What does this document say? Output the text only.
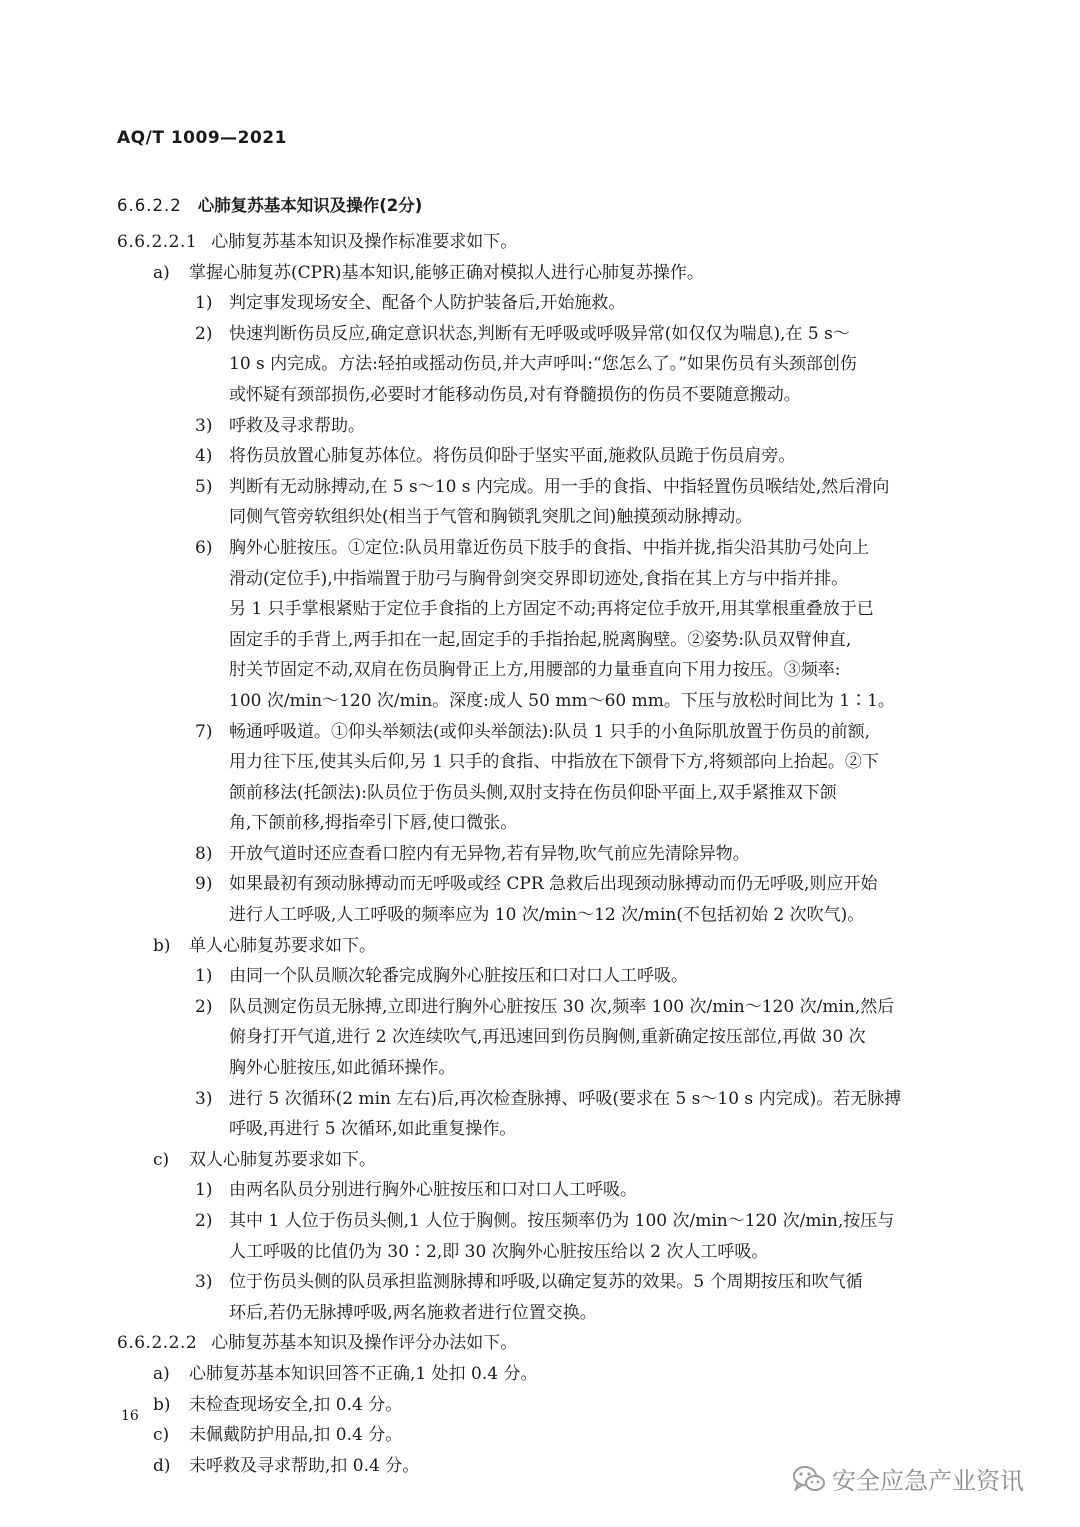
AQ/T 1009—2021
6.6.2.2 心肺复苏基本知识及操作(2分)
6.6.2.2.1 心肺复苏基本知识及操作标准要求如下。
a) 掌握心肺复苏(CPR)基本知识,能够正确对模拟人进行心肺复苏操作。
1) 判定事发现场安全、配备个人防护装备后,开始施救。
2) 快速判断伤员反应,确定意识状态,判断有无呼吸或呼吸异常(如仅仅为喘息),在 5 s～
10 s 内完成。方法:轻拍或摇动伤员,并大声呼叫:“您怎么了。”如果伤员有头颈部创伤
或怀疑有颈部损伤,必要时才能移动伤员,对有脊髓损伤的伤员不要随意搬动。
3) 呼救及寻求帮助。
4) 将伤员放置心肺复苏体位。将伤员仰卧于坚实平面,施救队员跪于伤员肩旁。
5) 判断有无动脉搏动,在 5 s～10 s 内完成。用一手的食指、中指轻置伤员喉结处,然后滑向
同侧气管旁软组织处(相当于气管和胸锁乳突肌之间)触摸颈动脉搏动。
6) 胸外心脏按压。①定位:队员用靠近伤员下肢手的食指、中指并拢,指尖沿其肋弓处向上
滑动(定位手),中指端置于肋弓与胸骨剑突交界即切迹处,食指在其上方与中指并排。
另 1 只手掌根紧贴于定位手食指的上方固定不动;再将定位手放开,用其掌根重叠放于已
固定手的手背上,两手扣在一起,固定手的手指抬起,脱离胸壁。②姿势:队员双臂伸直,
肘关节固定不动,双肩在伤员胸骨正上方,用腰部的力量垂直向下用力按压。③频率:
100 次/min～120 次/min。深度:成人 50 mm～60 mm。下压与放松时间比为 1∶1。
7) 畅通呼吸道。①仰头举颏法(或仰头举颌法):队员 1 只手的小鱼际肌放置于伤员的前额,
用力往下压,使其头后仰,另 1 只手的食指、中指放在下颌骨下方,将颏部向上抬起。②下
颌前移法(托颌法):队员位于伤员头侧,双肘支持在伤员仰卧平面上,双手紧推双下颌
角,下颌前移,拇指牵引下唇,使口微张。
8) 开放气道时还应查看口腔内有无异物,若有异物,吹气前应先清除异物。
9) 如果最初有颈动脉搏动而无呼吸或经 CPR 急救后出现颈动脉搏动而仍无呼吸,则应开始
进行人工呼吸,人工呼吸的频率应为 10 次/min～12 次/min(不包括初始 2 次吹气)。
b) 单人心肺复苏要求如下。
1) 由同一个队员顺次轮番完成胸外心脏按压和口对口人工呼吸。
2) 队员测定伤员无脉搏,立即进行胸外心脏按压 30 次,频率 100 次/min～120 次/min,然后
俯身打开气道,进行 2 次连续吹气,再迅速回到伤员胸侧,重新确定按压部位,再做 30 次
胸外心脏按压,如此循环操作。
3) 进行 5 次循环(2 min 左右)后,再次检查脉搏、呼吸(要求在 5 s～10 s 内完成)。若无脉搏
呼吸,再进行 5 次循环,如此重复操作。
c) 双人心肺复苏要求如下。
1) 由两名队员分别进行胸外心脏按压和口对口人工呼吸。
2) 其中 1 人位于伤员头侧,1 人位于胸侧。按压频率仍为 100 次/min～120 次/min,按压与
人工呼吸的比值仍为 30∶2,即 30 次胸外心脏按压给以 2 次人工呼吸。
3) 位于伤员头侧的队员承担监测脉搏和呼吸,以确定复苏的效果。5 个周期按压和吹气循
环后,若仍无脉搏呼吸,两名施救者进行位置交换。
6.6.2.2.2 心肺复苏基本知识及操作评分办法如下。
a) 心肺复苏基本知识回答不正确,1 处扣 0.4 分。
b) 未检查现场安全,扣 0.4 分。
c) 未佩戴防护用品,扣 0.4 分。
d) 未呼救及寻求帮助,扣 0.4 分。
16
安全应急产业资讯
